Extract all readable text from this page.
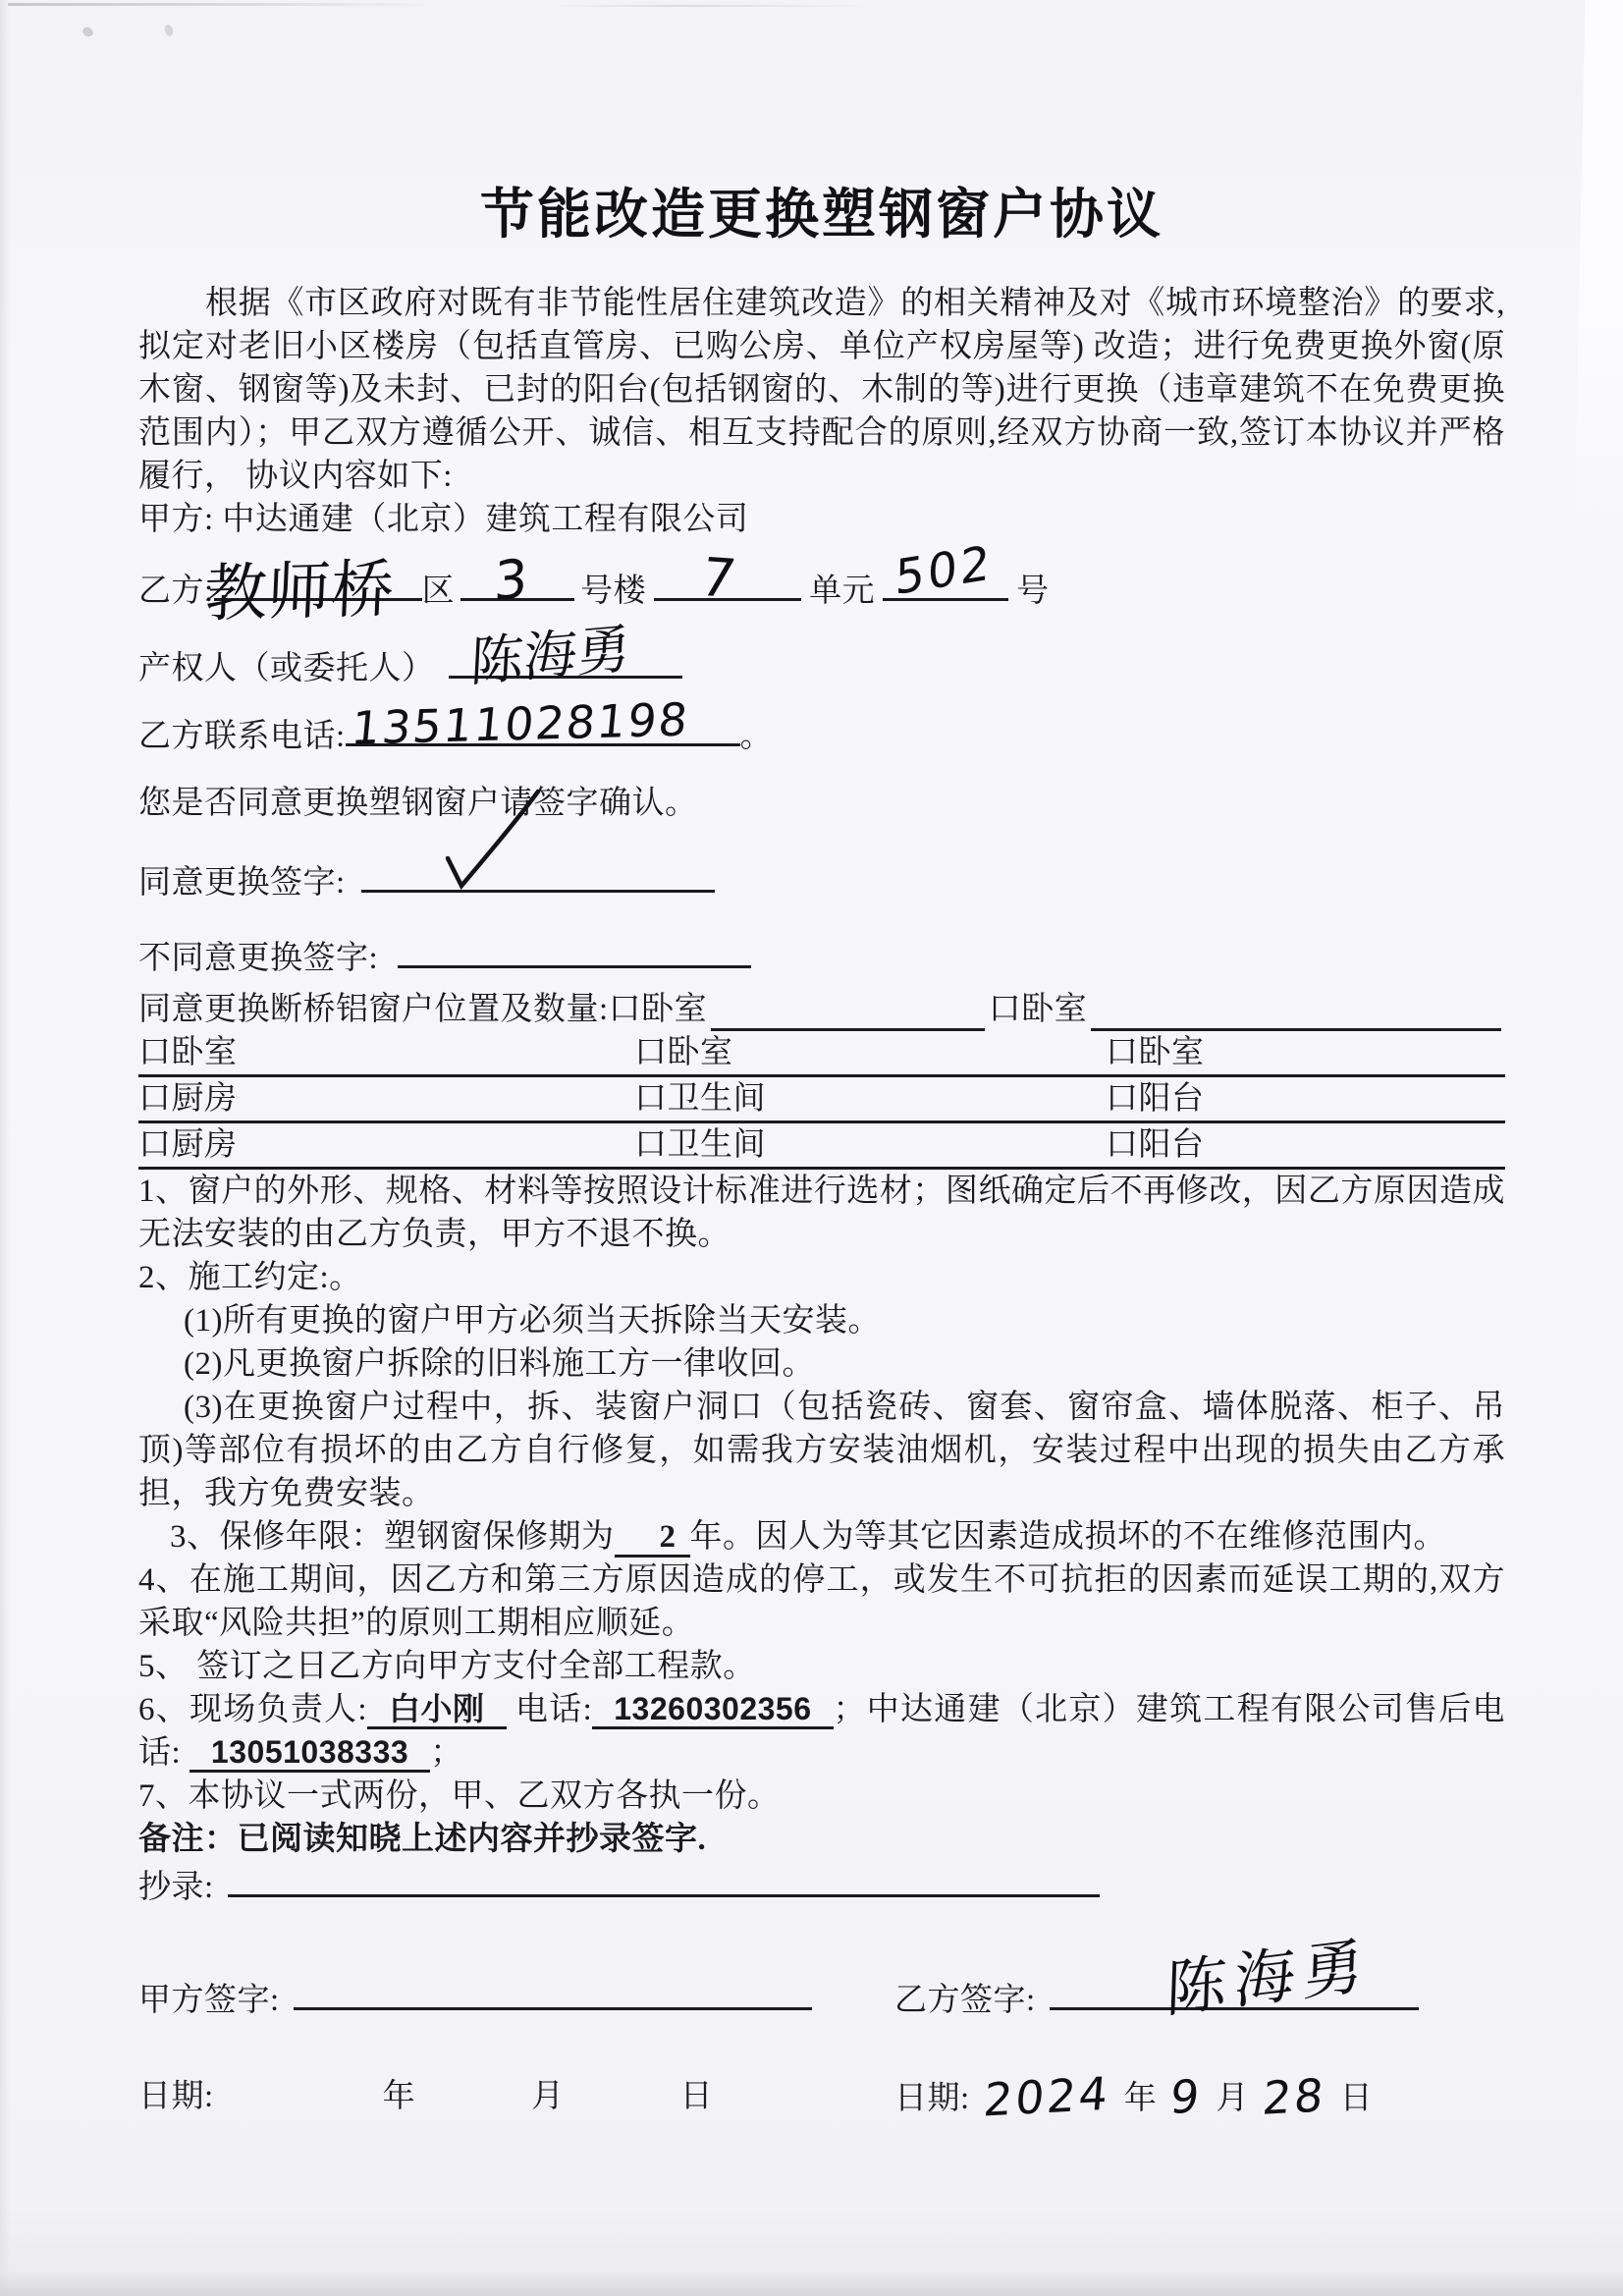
节能改造更换塑钢窗户协议

根据《市区政府对既有非节能性居住建筑改造》的相关精神及对《城市环境整治》的要求,拟定对老旧小区楼房（包括直管房、已购公房、单位产权房屋等) 改造；进行免费更换外窗(原木窗、钢窗等)及未封、已封的阳台(包括钢窗的、木制的等)进行更换（违章建筑不在免费更换范围内）；甲乙双方遵循公开、诚信、相互支持配合的原则,经双方协商一致,签订本协议并严格履行， 协议内容如下:

甲方: 中达通建（北京）建筑工程有限公司

乙方:
教师桥 区 3 号楼 7 单元 502 号

产权人（或委托人） 陈海勇

乙方联系电话: 13511028198 。

您是否同意更换塑钢窗户请签字确认。

同意更换签字:

不同意更换签字:

同意更换断桥铝窗户位置及数量: 口卧室	口卧室
口卧室	口卧室	口卧室
口厨房	口卫生间	口阳台
口厨房	口卫生间	口阳台

1、窗户的外形、规格、材料等按照设计标准进行选材；图纸确定后不再修改，因乙方原因造成无法安装的由乙方负责，甲方不退不换。

2、施工约定:。

(1)所有更换的窗户甲方必须当天拆除当天安装。

(2)凡更换窗户拆除的旧料施工方一律收回。

(3)在更换窗户过程中，拆、装窗户洞口（包括瓷砖、窗套、窗帘盒、墙体脱落、柜子、吊顶)等部位有损坏的由乙方自行修复，如需我方安装油烟机，安装过程中出现的损失由乙方承担，我方免费安装。

3、保修年限：塑钢窗保修期为 2 年。因人为等其它因素造成损坏的不在维修范围内。

4、在施工期间，因乙方和第三方原因造成的停工，或发生不可抗拒的因素而延误工期的,双方采取“风险共担”的原则工期相应顺延。

5、 签订之日乙方向甲方支付全部工程款。

6、现场负责人: 白小刚 电话: 13260302356 ；中达通建（北京）建筑工程有限公司售后电话: 13051038333 ；

7、本协议一式两份，甲、乙双方各执一份。

备注：已阅读知晓上述内容并抄录签字.

抄录:

甲方签字:	乙方签字: 陈海勇
日期:	年	月	日	日期: 2024 年 9 月 28 日
